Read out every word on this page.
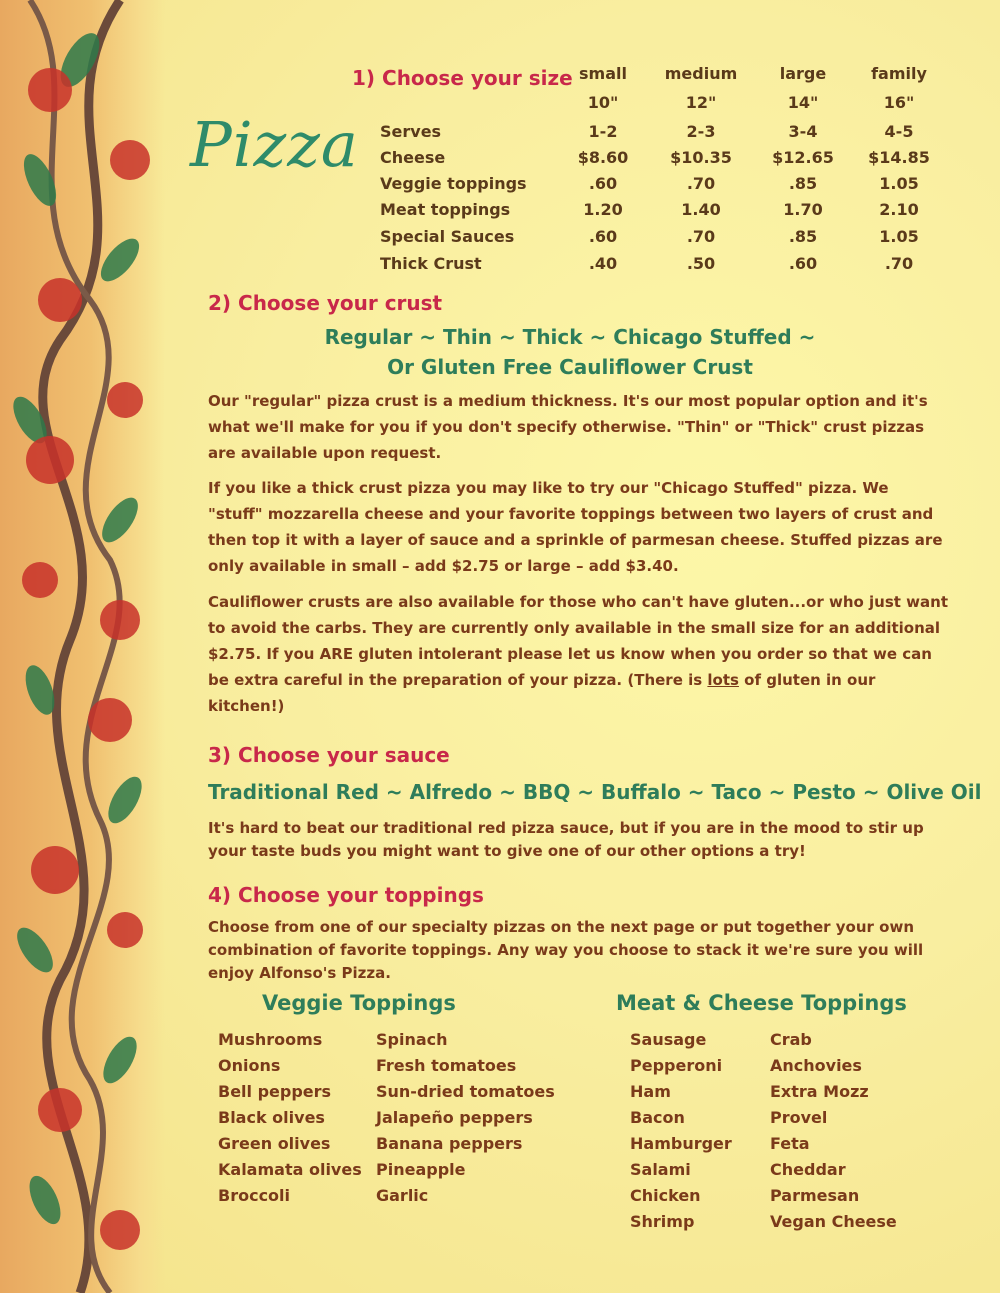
Pizza
1) Choose your size small	medium	large	family
10"	12"	14"	16"
Serves	1-2	2-3	3-4	4-5
Cheese	$8.60	$10.35	$12.65	$14.85
Veggie toppings	.60	.70	.85	1.05
Meat toppings	1.20	1.40	1.70	2.10
Special Sauces	.60	.70	.85	1.05
Thick Crust	.40	.50	.60	.70
2) Choose your crust
Regular ~ Thin ~ Thick ~ Chicago Stuffed ~
Or Gluten Free Cauliflower Crust
Our "regular" pizza crust is a medium thickness. It's our most popular option and it's what we'll make for you if you don't specify otherwise. "Thin" or "Thick" crust pizzas are available upon request.
If you like a thick crust pizza you may like to try our "Chicago Stuffed" pizza. We "stuff" mozzarella cheese and your favorite toppings between two layers of crust and then top it with a layer of sauce and a sprinkle of parmesan cheese. Stuffed pizzas are only available in small – add $2.75 or large – add $3.40.
Cauliflower crusts are also available for those who can't have gluten...or who just want to avoid the carbs. They are currently only available in the small size for an additional $2.75. If you ARE gluten intolerant please let us know when you order so that we can be extra careful in the preparation of your pizza. (There is lots of gluten in our kitchen!)
3) Choose your sauce
Traditional Red ~ Alfredo ~ BBQ ~ Buffalo ~ Taco ~ Pesto ~ Olive Oil
It's hard to beat our traditional red pizza sauce, but if you are in the mood to stir up your taste buds you might want to give one of our other options a try!
4) Choose your toppings
Choose from one of our specialty pizzas on the next page or put together your own combination of favorite toppings. Any way you choose to stack it we're sure you will enjoy Alfonso's Pizza.
Veggie Toppings	Meat & Cheese Toppings
Mushrooms
Onions
Bell peppers
Black olives
Green olives
Kalamata olives
Broccoli
Spinach
Fresh tomatoes
Sun-dried tomatoes
Jalapeño peppers
Banana peppers
Pineapple
Garlic
Sausage
Pepperoni
Ham
Bacon
Hamburger
Salami
Chicken
Shrimp
Crab
Anchovies
Extra Mozz
Provel
Feta
Cheddar
Parmesan
Vegan Cheese
